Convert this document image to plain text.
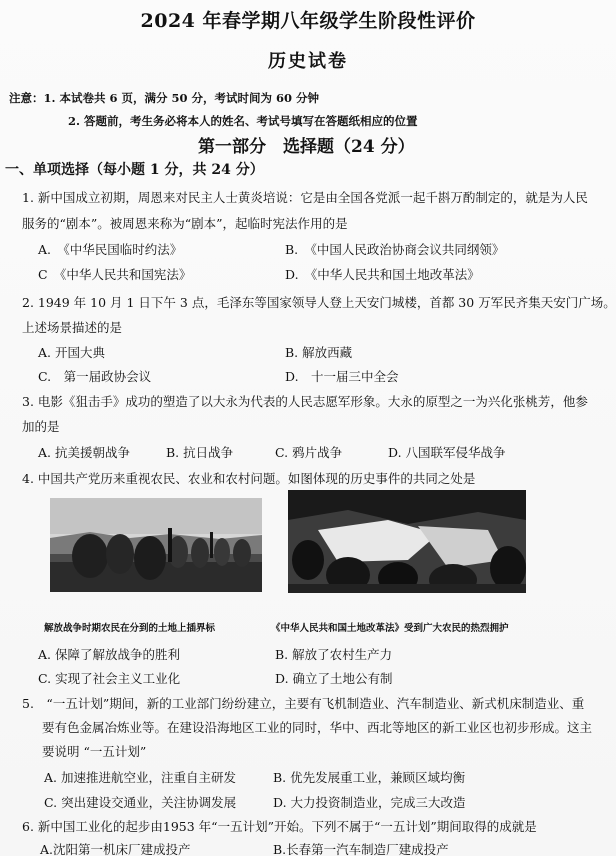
2024 年春学期八年级学生阶段性评价
历史试卷
注意：1. 本试卷共 6 页，满分 50 分，考试时间为 60 分钟
2. 答题前，考生务必将本人的姓名、考试号填写在答题纸相应的位置
第一部分　选择题（24 分）
一、单项选择（每小题 1 分，共 24 分）
1. 新中国成立初期，周恩来对民主人士黄炎培说：它是由全国各党派一起千斟万酌制定的，就是为人民
服务的“剧本”。被周恩来称为“剧本”，起临时宪法作用的是
A.　《中华民国临时约法》	B.　《中国人民政治协商会议共同纲领》
C　《中华人民共和国宪法》	D.　《中华人民共和国土地改革法》
2. 1949 年 10 月 1 日下午 3 点，毛泽东等国家领导人登上天安门城楼，首都 30 万军民齐集天安门广场。
上述场景描述的是
A. 开国大典	B. 解放西藏
C.　第一届政协会议	D.　十一届三中全会
3. 电影《狙击手》成功的塑造了以大永为代表的人民志愿军形象。大永的原型之一为兴化张桃芳，他参
加的是
A. 抗美援朝战争	B. 抗日战争	C. 鸦片战争	D. 八国联军侵华战争
4. 中国共产党历来重视农民、农业和农村问题。如图体现的历史事件的共同之处是
解放战争时期农民在分到的土地上插界标	《中华人民共和国土地改革法》受到广大农民的热烈拥护
A. 保障了解放战争的胜利	B. 解放了农村生产力
C. 实现了社会主义工业化	D. 确立了土地公有制
5.　“一五计划”期间，新的工业部门纷纷建立，主要有飞机制造业、汽车制造业、新式机床制造业、重
要有色金属冶炼业等。在建设沿海地区工业的同时，华中、西北等地区的新工业区也初步形成。这主
要说明 “一五计划”
A. 加速推进航空业，注重自主研发	B. 优先发展重工业，兼顾区域均衡
C. 突出建设交通业，关注协调发展	D. 大力投资制造业，完成三大改造
6. 新中国工业化的起步由1953 年“一五计划”开始。下列不属于“一五计划”期间取得的成就是
A.沈阳第一机床厂建成投产	B.长春第一汽车制造厂建成投产
